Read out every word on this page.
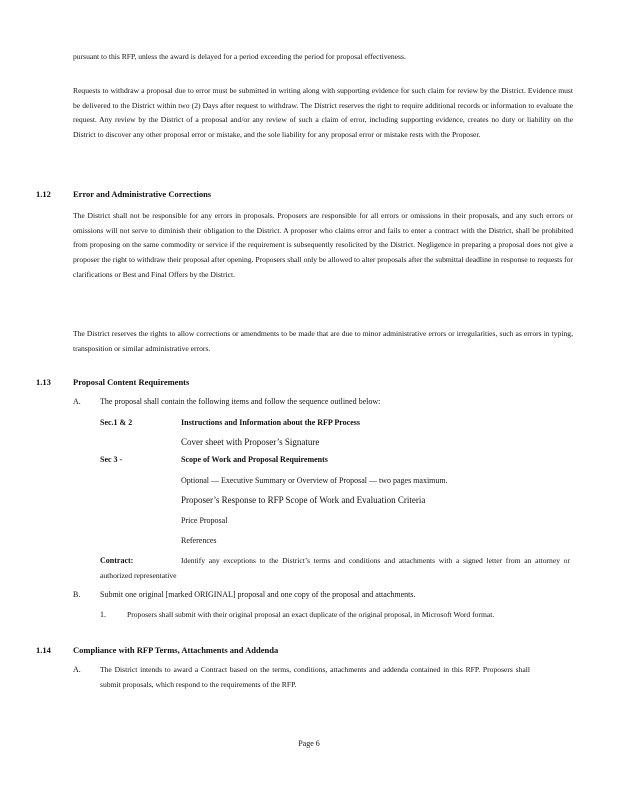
pursuant to this RFP, unless the award is delayed for a period exceeding the period for proposal effectiveness.

Requests to withdraw a proposal due to error must be submitted in writing along with supporting evidence for such claim for review by the District. Evidence must be delivered to the District within two (2) Days after request to withdraw. The District reserves the right to require additional records or information to evaluate the request. Any review by the District of a proposal and/or any review of such a claim of error, including supporting evidence, creates no duty or liability on the District to discover any other proposal error or mistake, and the sole liability for any proposal error or mistake rests with the Proposer.

1.12	Error and Administrative Corrections

The District shall not be responsible for any errors in proposals. Proposers are responsible for all errors or omissions in their proposals, and any such errors or omissions will not serve to diminish their obligation to the District. A proposer who claims error and fails to enter a contract with the District, shall be prohibited from proposing on the same commodity or service if the requirement is subsequently resolicited by the District. Negligence in preparing a proposal does not give a proposer the right to withdraw their proposal after opening. Proposers shall only be allowed to alter proposals after the submittal deadline in response to requests for clarifications or Best and Final Offers by the District.

The District reserves the rights to allow corrections or amendments to be made that are due to minor administrative errors or irregularities, such as errors in typing, transposition or similar administrative errors.

1.13	Proposal Content Requirements

A. The proposal shall contain the following items and follow the sequence outlined below:

Sec.1 & 2	Instructions and Information about the RFP Process

Cover sheet with Proposer’s Signature

Sec 3 -	Scope of Work and Proposal Requirements

Optional — Executive Summary or Overview of Proposal — two pages maximum.

Proposer’s Response to RFP Scope of Work and Evaluation Criteria

Price Proposal

References

Contract:	Identify any exceptions to the District’s terms and conditions and attachments with a signed letter from an attorney or authorized representative

B. Submit one original [marked ORIGINAL] proposal and one copy of the proposal and attachments.

1.	Proposers shall submit with their original proposal an exact duplicate of the original proposal, in Microsoft Word format.

1.14	Compliance with RFP Terms, Attachments and Addenda

A.	The District intends to award a Contract based on the terms, conditions, attachments and addenda contained in this RFP. Proposers shall submit proposals, which respond to the requirements of the RFP.

Page 6
